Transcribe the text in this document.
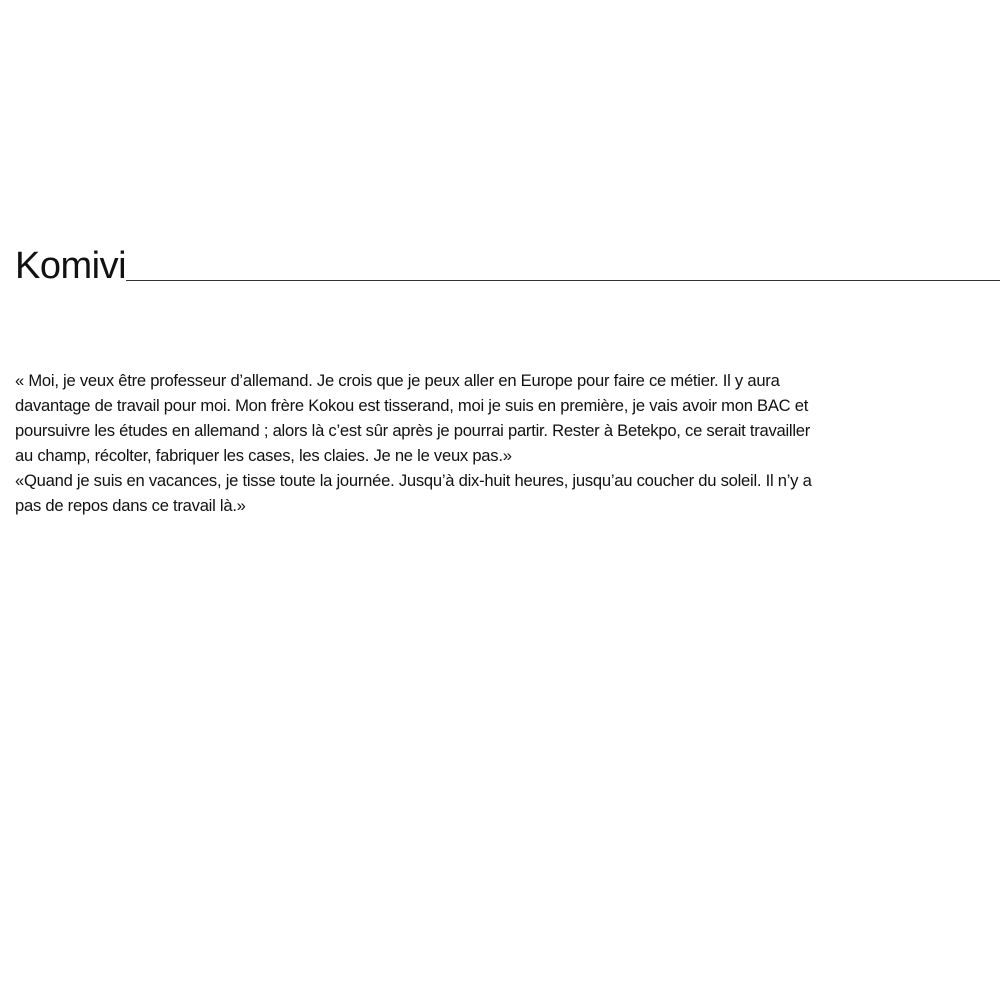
Komivi
« Moi, je veux être professeur d’allemand. Je crois que je peux aller en Europe pour faire ce métier. Il y aura
davantage de travail pour moi. Mon frère Kokou est tisserand, moi je suis en première, je vais avoir mon BAC et
poursuivre les études en allemand ; alors là c’est sûr après je pourrai partir. Rester à Betekpo, ce serait travailler
au champ, récolter, fabriquer les cases, les claies. Je ne le veux pas.»
«Quand je suis en vacances, je tisse toute la journée. Jusqu’à dix-huit heures, jusqu’au coucher du soleil. Il n’y a
pas de repos dans ce travail là.»
